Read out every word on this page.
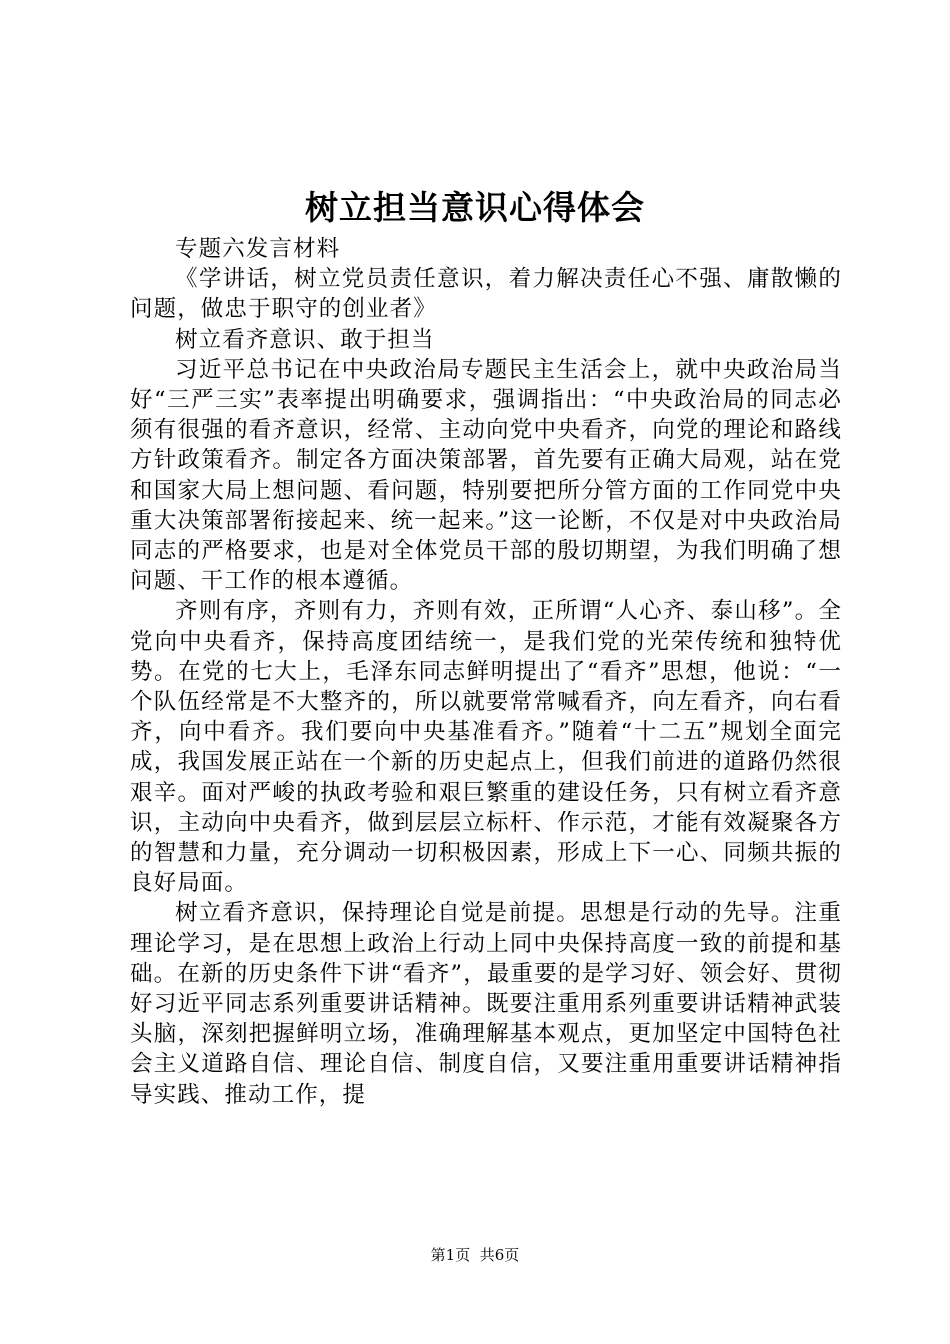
树立担当意识心得体会

专题六发言材料

《学讲话，树立党员责任意识，着力解决责任心不强、庸散懒的问题，做忠于职守的创业者》

树立看齐意识、敢于担当

习近平总书记在中央政治局专题民主生活会上，就中央政治局当好“三严三实”表率提出明确要求，强调指出：“中央政治局的同志必须有很强的看齐意识，经常、主动向党中央看齐，向党的理论和路线方针政策看齐。制定各方面决策部署，首先要有正确大局观，站在党和国家大局上想问题、看问题，特别要把所分管方面的工作同党中央重大决策部署衔接起来、统一起来。”这一论断，不仅是对中央政治局同志的严格要求，也是对全体党员干部的殷切期望，为我们明确了想问题、干工作的根本遵循。

齐则有序，齐则有力，齐则有效，正所谓“人心齐、泰山移”。全党向中央看齐，保持高度团结统一，是我们党的光荣传统和独特优势。在党的七大上，毛泽东同志鲜明提出了“看齐”思想，他说：“一个队伍经常是不大整齐的，所以就要常常喊看齐，向左看齐，向右看齐，向中看齐。我们要向中央基准看齐。”随着“十二五”规划全面完成，我国发展正站在一个新的历史起点上，但我们前进的道路仍然很艰辛。面对严峻的执政考验和艰巨繁重的建设任务，只有树立看齐意识，主动向中央看齐，做到层层立标杆、作示范，才能有效凝聚各方的智慧和力量，充分调动一切积极因素，形成上下一心、同频共振的良好局面。

树立看齐意识，保持理论自觉是前提。思想是行动的先导。注重理论学习，是在思想上政治上行动上同中央保持高度一致的前提和基础。在新的历史条件下讲“看齐”，最重要的是学习好、领会好、贯彻好习近平同志系列重要讲话精神。既要注重用系列重要讲话精神武装头脑，深刻把握鲜明立场，准确理解基本观点，更加坚定中国特色社会主义道路自信、理论自信、制度自信，又要注重用重要讲话精神指导实践、推动工作，提

第1页 共6页
